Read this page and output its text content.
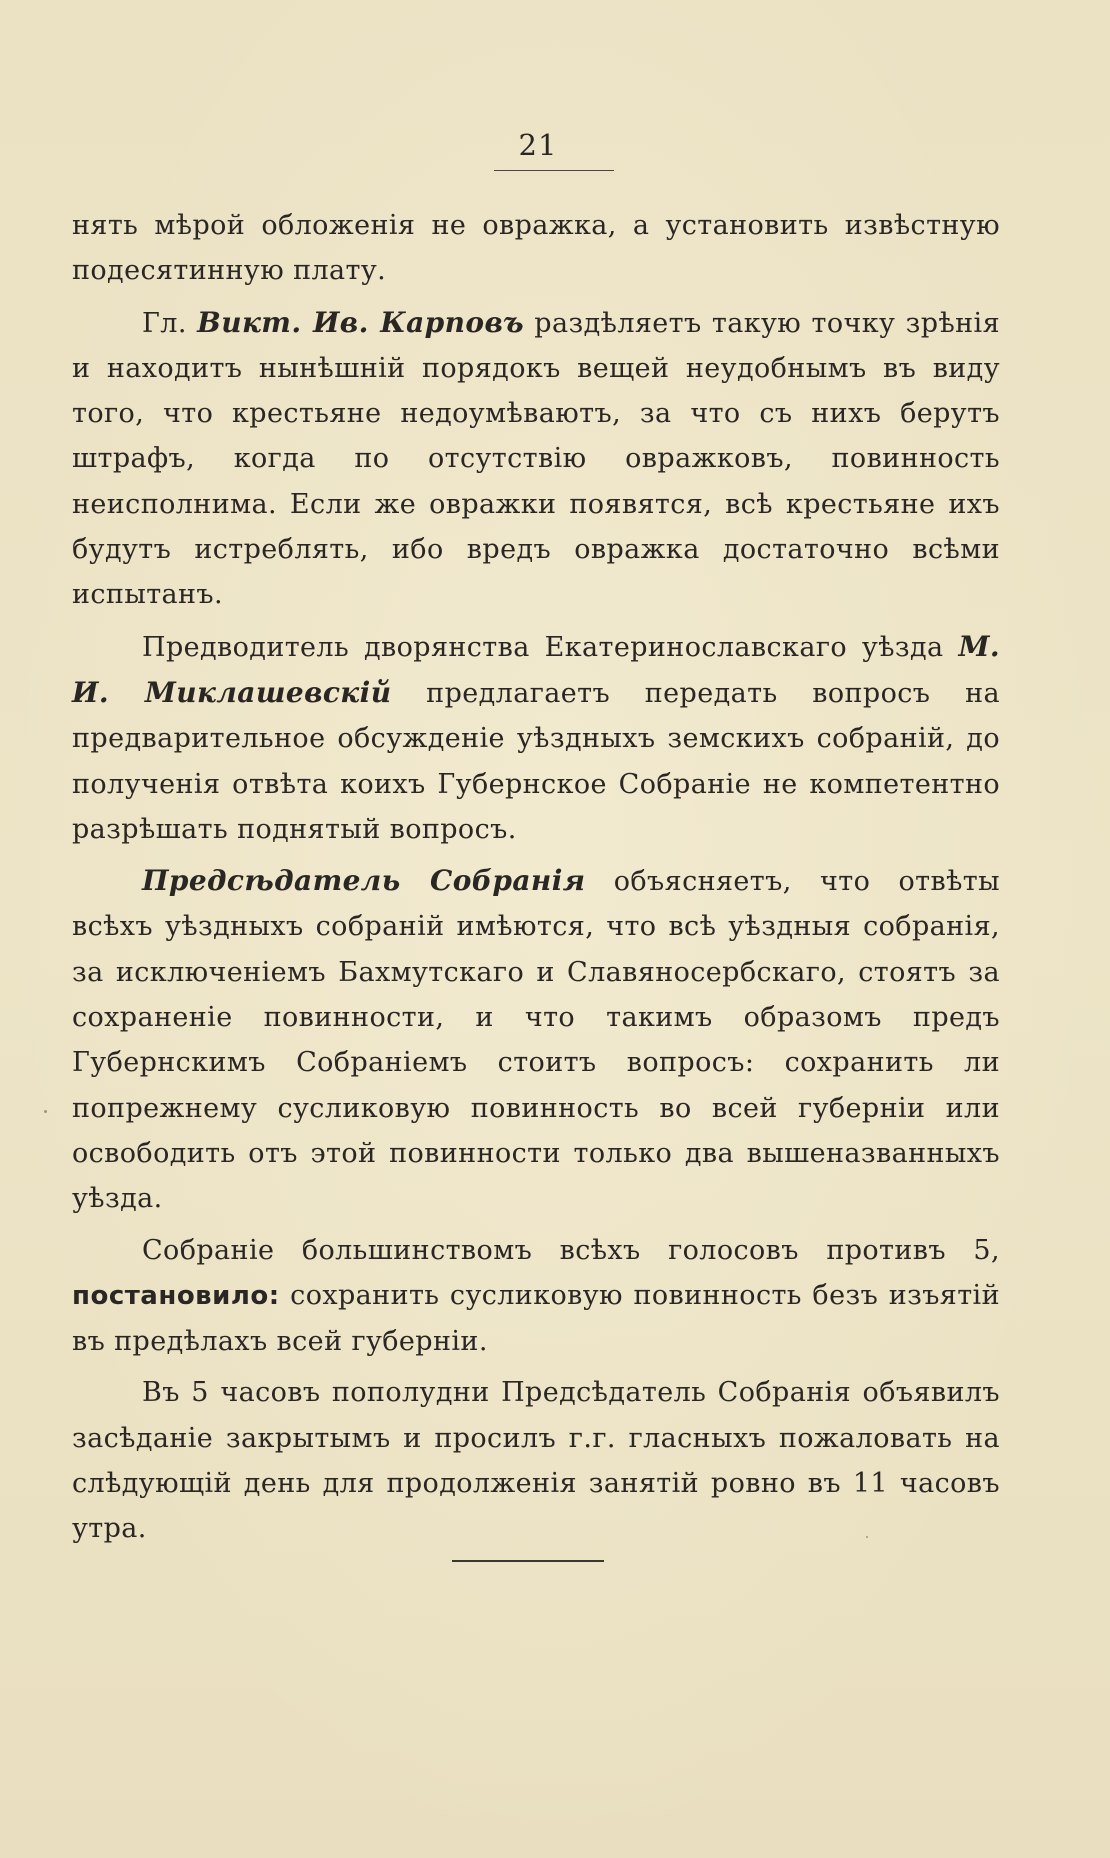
21

нять мѣрой обложенія не овражка, а установить извѣстную подесятинную плату.

Гл. Викт. Ив. Карповъ раздѣляетъ такую точку зрѣнія и находитъ нынѣшній порядокъ вещей неудобнымъ въ виду того, что крестьяне недоумѣваютъ, за что съ нихъ берутъ штрафъ, когда по отсутствію овражковъ, повинность неисполнима. Если же овражки появятся, всѣ крестьяне ихъ будутъ истреблять, ибо вредъ овражка достаточно всѣми испытанъ.

Предводитель дворянства Екатеринославскаго уѣзда М. И. Миклашевскій предлагаетъ передать вопросъ на предварительное обсужденіе уѣздныхъ земскихъ собраній, до полученія отвѣта коихъ Губернское Собраніе не компетентно разрѣшать поднятый вопросъ.

Предсѣдатель Собранія объясняетъ, что отвѣты всѣхъ уѣздныхъ собраній имѣются, что всѣ уѣздныя собранія, за исключеніемъ Бахмутскаго и Славяносербскаго, стоятъ за сохраненіе повинности, и что такимъ образомъ предъ Губернскимъ Собраніемъ стоитъ вопросъ: сохранить ли попрежнему сусликовую повинность во всей губерніи или освободить отъ этой повинности только два вышеназванныхъ уѣзда.

Собраніе большинствомъ всѣхъ голосовъ противъ 5, постановило: сохранить сусликовую повинность безъ изъятій въ предѣлахъ всей губерніи.

Въ 5 часовъ пополудни Предсѣдатель Собранія объявилъ засѣданіе закрытымъ и просилъ г.г. гласныхъ пожаловать на слѣдующій день для продолженія занятій ровно въ 11 часовъ утра.
